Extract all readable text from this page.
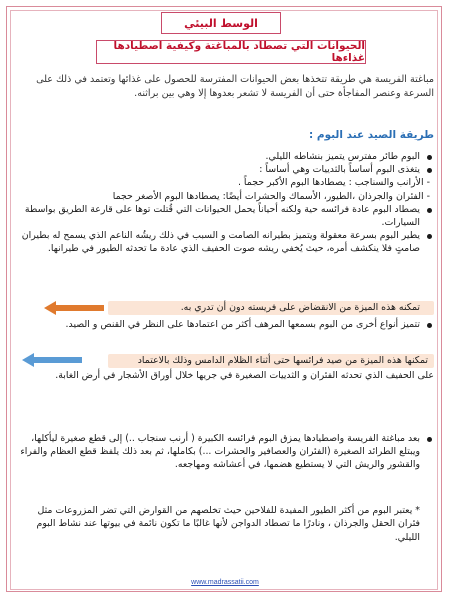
الوسط البيئي
الحيوانات التي تصطاد بالمباغتة وكيفية اصطيادها غذاءها
مباغتة الفريسة هي طريقة تتخذها بعض الحيوانات المفترسة للحصول على غذائها وتعتمد في ذلك على السرعة وعنصر المفاجأة حتى أن الفريسة لا تشعر بعدوها إلا وهي بين براثنه.
طريقة الصيد عند البوم :
البوم طائر مفترس يتميز بنشاطه الليلي.
يتغذى البوم أساساً بالثدييات وهي أساساً :
- الأرانب والسناجب : يصطادها البوم الأكبر حجماً .
- الفئران والجرذان ،الطيور، الأسماك والحشرات أيضًا: يصطادها البوم الأصغر حجما
يصطاد البوم عادة فرائسه حية ولكنه أحياناً يحمل الحيوانات التي قُتلت توها على قارعة الطريق بواسطة السيارات.
يطير البوم بسرعة معقولة ويتميز بطيرانه الصامت و السبب في ذلك ريشُه الناعم الذي يسمح له بطيران صامتٍ فلا ينكشف أمره، حيث يُخفي ريشه صوت الحفيف الذي عادة ما تحدثه الطيور في طيرانها.
تمكنه هذه الميزة من الانقضاض على فريسته دون أن تدري به.
تتميز أنواع أخرى من البوم بسمعها المرهف أكثر من اعتمادها على النظر في القنص و الصيد.
تمكنها هذه الميزة من صيد فرائسها حتى أثناء الظلام الدامس وذلك بالاعتماد
على الحفيف الذي تحدثه الفئران و الثدييات الصغيرة في جريها خلال أوراق الأشجار في أرض الغابة.
بعد مباغتة الفريسة واصطيادها يمزق البوم فرائسه الكبيرة ( أرنب سنجاب ..) إلى قطع صغيرة ليأكلها، ويبتلع الطرائد الصغيرة (الفئران والعصافير والحشرات ...) بكاملها، ثم بعد ذلك يلفظ قطع العظام والفراء والقشور والريش التي لا يستطيع هضمها، في أعشاشه ومهاجعه.
* يعتبر البوم من أكثر الطيور المفيدة للفلاحين حيث تخلصهم من القوارض التي تضر المزروعات مثل فئران الحقل والجرذان ، ونادرًا ما تصطاد الدواجن لأنها غالبًا ما تكون نائمة في بيوتها عند نشاط البوم الليلي.
www.madrassatii.com
